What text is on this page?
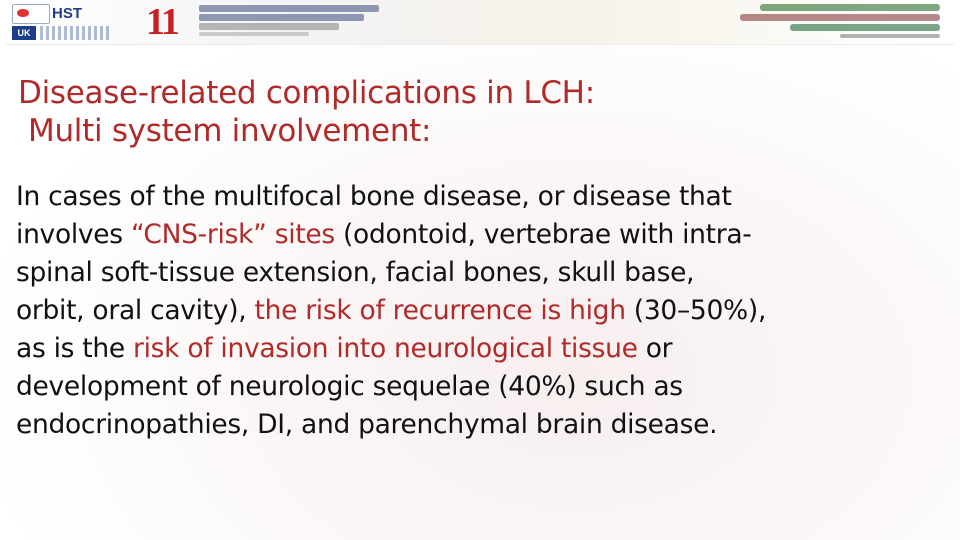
HST
UK	11
Disease-related complications in LCH:
Multi system involvement:
In cases of the multifocal bone disease, or disease that
involves “CNS-risk” sites (odontoid, vertebrae with intra-
spinal soft-tissue extension, facial bones, skull base,
orbit, oral cavity), the risk of recurrence is high (30–50%),
as is the risk of invasion into neurological tissue or
development of neurologic sequelae (40%) such as
endocrinopathies, DI, and parenchymal brain disease.
